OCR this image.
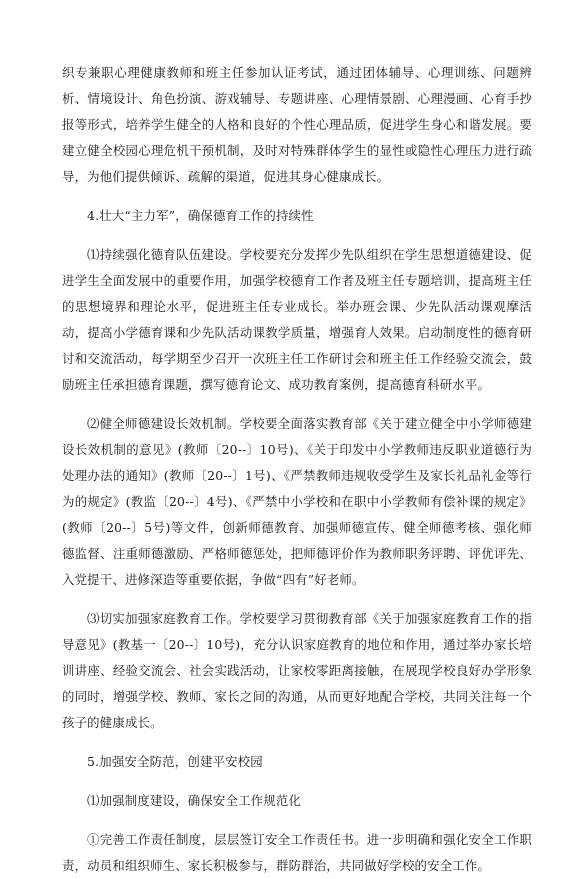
织专兼职心理健康教师和班主任参加认证考试，通过团体辅导、心理训练、问题辨析、情境设计、角色扮演、游戏辅导、专题讲座、心理情景剧、心理漫画、心育手抄报等形式，培养学生健全的人格和良好的个性心理品质，促进学生身心和谐发展。要建立健全校园心理危机干预机制，及时对特殊群体学生的显性或隐性心理压力进行疏导，为他们提供倾诉、疏解的渠道，促进其身心健康成长。

4.壮大“主力军”，确保德育工作的持续性

⑴持续强化德育队伍建设。学校要充分发挥少先队组织在学生思想道德建设、促进学生全面发展中的重要作用，加强学校德育工作者及班主任专题培训，提高班主任的思想境界和理论水平，促进班主任专业成长。举办班会课、少先队活动课观摩活动，提高小学德育课和少先队活动课教学质量，增强育人效果。启动制度性的德育研讨和交流活动，每学期至少召开一次班主任工作研讨会和班主任工作经验交流会，鼓励班主任承担德育课题，撰写德育论文、成功教育案例，提高德育科研水平。

⑵健全师德建设长效机制。学校要全面落实教育部《关于建立健全中小学师德建设长效机制的意见》(教师〔20--〕10号)、《关于印发中小学教师违反职业道德行为处理办法的通知》(教师〔20--〕1号)、《严禁教师违规收受学生及家长礼品礼金等行为的规定》(教监〔20--〕4号)、《严禁中小学校和在职中小学教师有偿补课的规定》(教师〔20--〕5号)等文件，创新师德教育、加强师德宣传、健全师德考核、强化师德监督、注重师德激励、严格师德惩处，把师德评价作为教师职务评聘、评优评先、入党提干、进修深造等重要依据，争做“四有”好老师。

⑶切实加强家庭教育工作。学校要学习贯彻教育部《关于加强家庭教育工作的指导意见》(教基一〔20--〕10号)，充分认识家庭教育的地位和作用，通过举办家长培训讲座、经验交流会、社会实践活动，让家校零距离接触，在展现学校良好办学形象的同时，增强学校、教师、家长之间的沟通，从而更好地配合学校，共同关注每一个孩子的健康成长。

5.加强安全防范，创建平安校园

⑴加强制度建设，确保安全工作规范化

①完善工作责任制度，层层签订安全工作责任书。进一步明确和强化安全工作职责，动员和组织师生、家长积极参与，群防群治，共同做好学校的安全工作。
